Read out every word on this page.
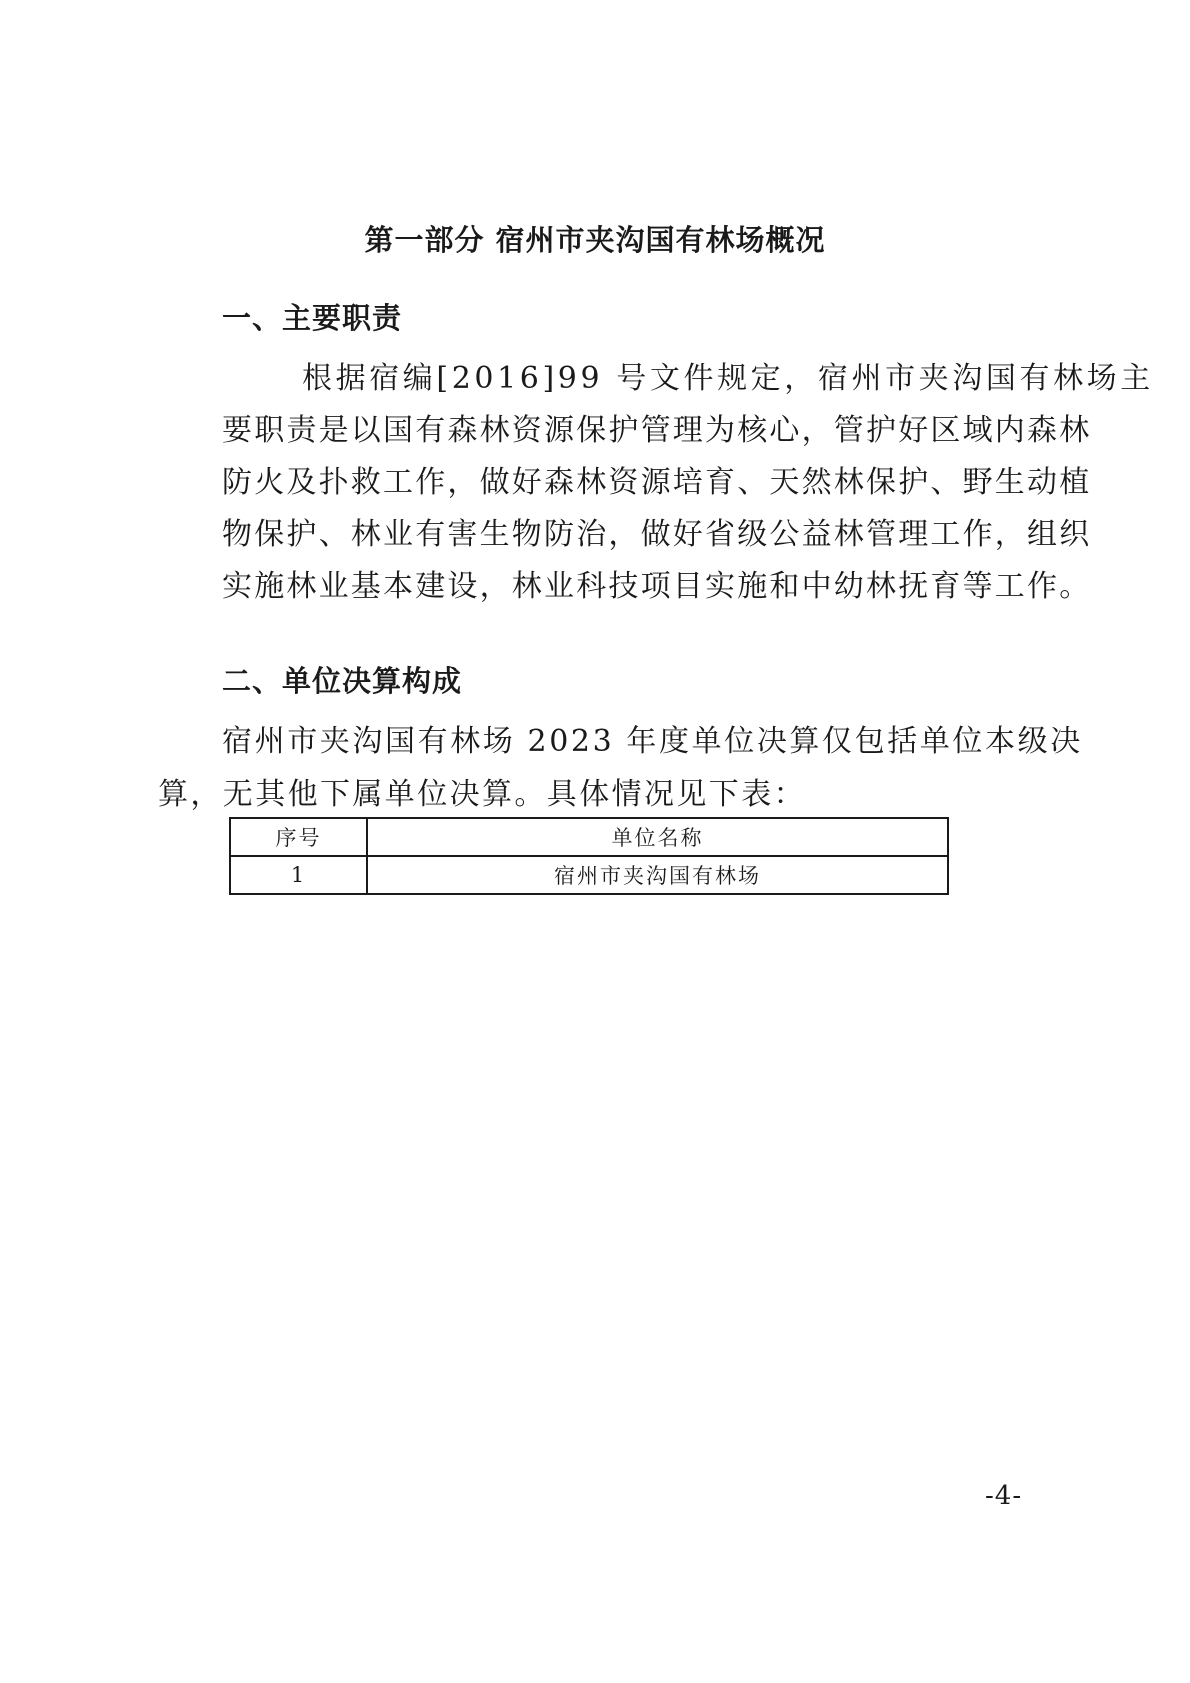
第一部分 宿州市夹沟国有林场概况
一、主要职责
根据宿编[2016]99 号文件规定，宿州市夹沟国有林场主
要职责是以国有森林资源保护管理为核心，管护好区域内森林
防火及扑救工作，做好森林资源培育、天然林保护、野生动植
物保护、林业有害生物防治，做好省级公益林管理工作，组织
实施林业基本建设，林业科技项目实施和中幼林抚育等工作。
二、单位决算构成
宿州市夹沟国有林场 2023 年度单位决算仅包括单位本级决
算，无其他下属单位决算。具体情况见下表：
序号	单位名称
1	宿州市夹沟国有林场
-4-
